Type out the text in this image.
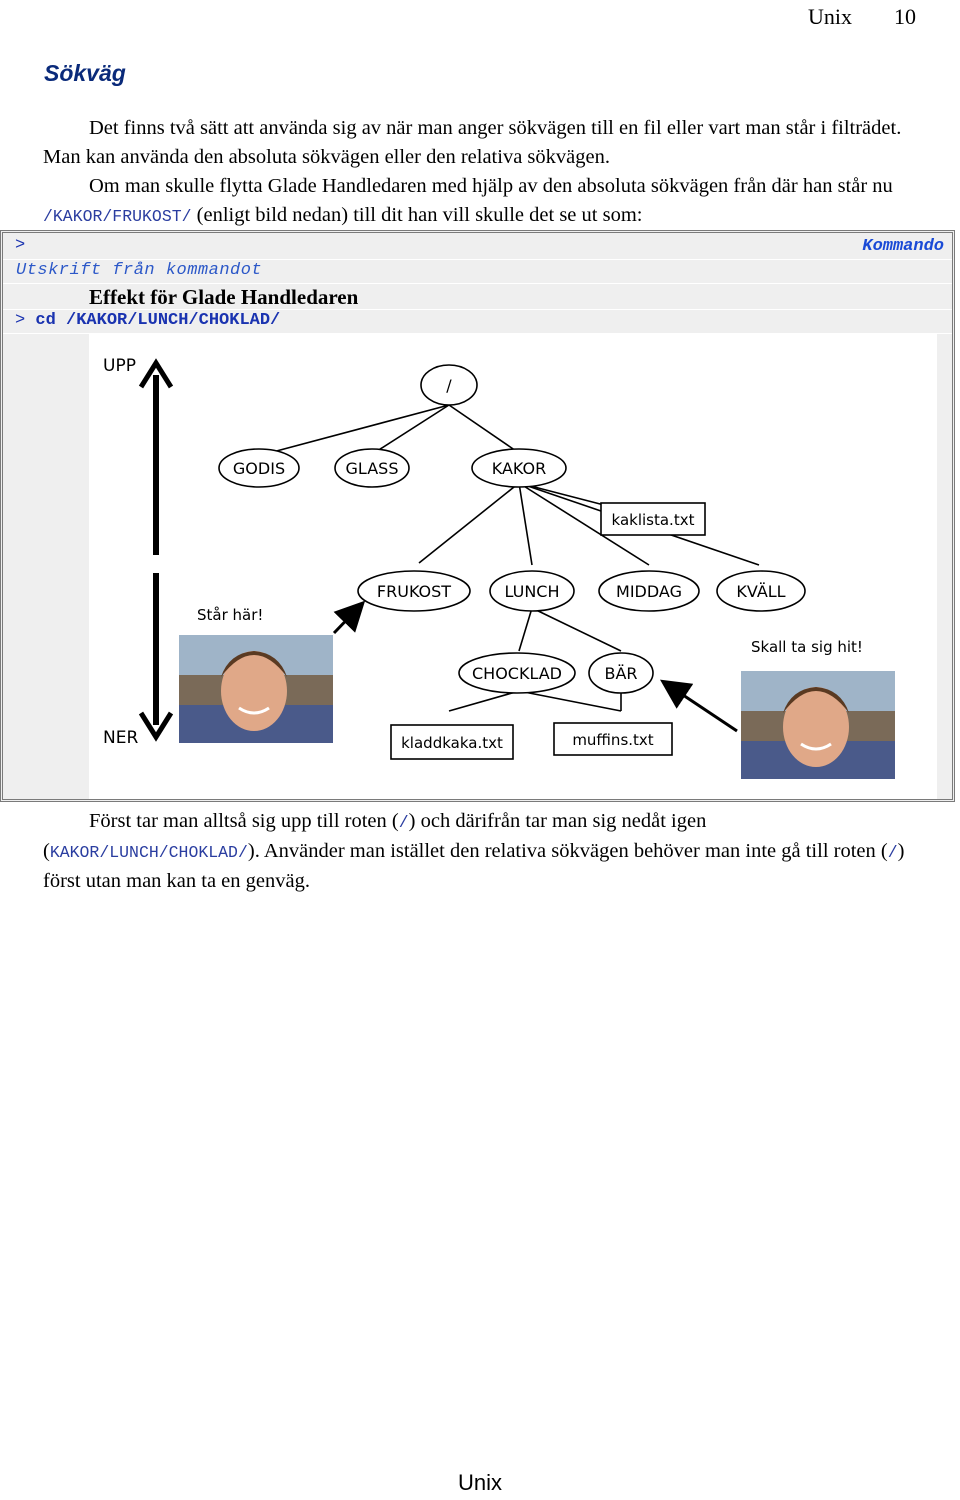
Unix 10
Sökväg
Det finns två sätt att använda sig av när man anger sökvägen till en fil eller vart man står i filträdet. Man kan använda den absoluta sökvägen eller den relativa sökvägen.
Om man skulle flytta Glade Handledaren med hjälp av den absoluta sökvägen från där han står nu /KAKOR/FRUKOST/ (enligt bild nedan) till dit han vill skulle det se ut som:
>	Kommando
Utskrift från kommandot
Effekt för Glade Handledaren
> cd /KAKOR/LUNCH/CHOKLAD/
UPP
NER
/
GODIS	GLASS	KAKOR
kaklista.txt
FRUKOST	LUNCH	MIDDAG	KVÄLL
CHOCKLAD	BÄR
kladdkaka.txt	muffins.txt
Står här!
Skall ta sig hit!
Först tar man alltså sig upp till roten (/) och därifrån tar man sig nedåt igen (KAKOR/LUNCH/CHOKLAD/). Använder man istället den relativa sökvägen behöver man inte gå till roten (/) först utan man kan ta en genväg.
Unix
